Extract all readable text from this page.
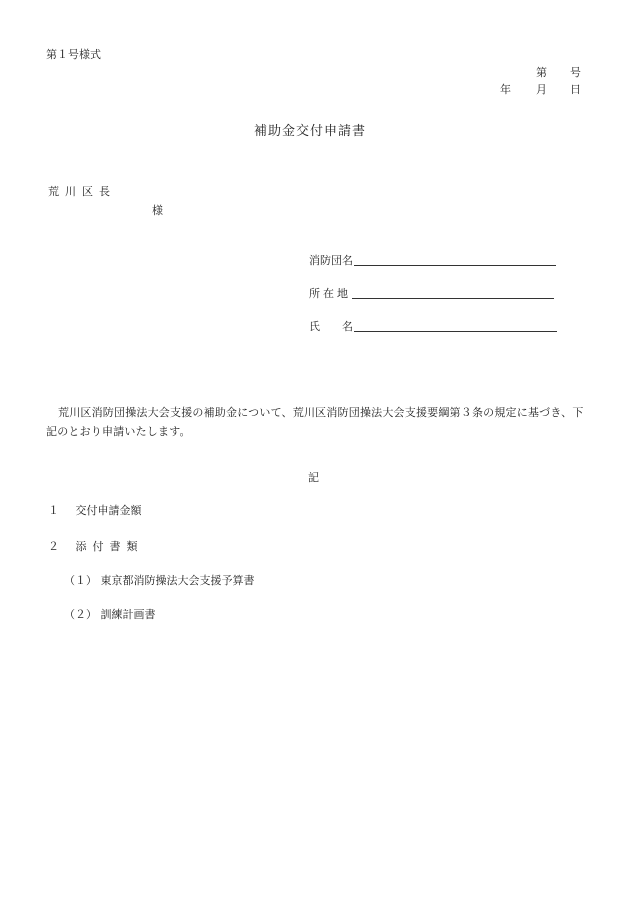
第１号様式
第 号
年 月 日
補助金交付申請書
荒川区長
様
消防団名
所在地
氏　　名
荒川区消防団操法大会支援の補助金について、荒川区消防団操法大会支援要綱第３条の規定に基づき、下記のとおり申請いたします。
記
１ 交付申請金額
２ 添付書類
（１） 東京都消防操法大会支援予算書
（２） 訓練計画書
